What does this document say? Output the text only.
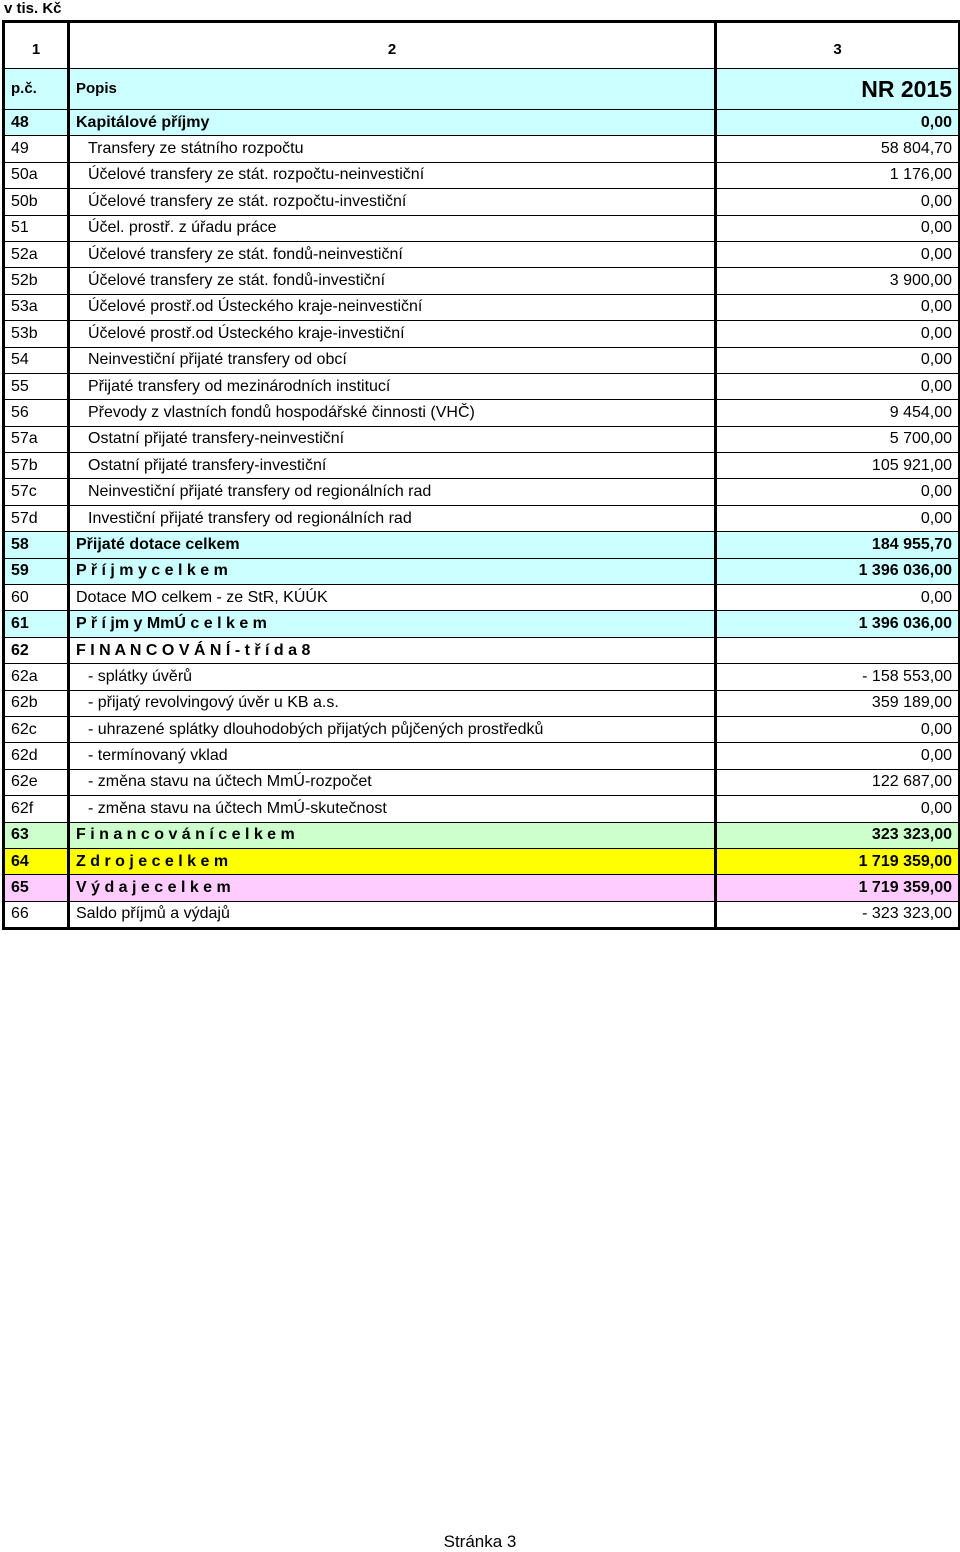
v tis. Kč
1	2	3
p.č.	Popis	NR 2015
48	Kapitálové příjmy	0,00
49	Transfery ze státního rozpočtu	58 804,70
50a	Účelové transfery ze stát. rozpočtu-neinvestiční	1 176,00
50b	Účelové transfery ze stát. rozpočtu-investiční	0,00
51	Účel. prostř. z úřadu práce	0,00
52a	Účelové transfery ze stát. fondů-neinvestiční	0,00
52b	Účelové transfery ze stát. fondů-investiční	3 900,00
53a	Účelové prostř.od Ústeckého kraje-neinvestiční	0,00
53b	Účelové prostř.od Ústeckého kraje-investiční	0,00
54	Neinvestiční přijaté transfery od obcí	0,00
55	Přijaté transfery od mezinárodních institucí	0,00
56	Převody z vlastních fondů hospodářské činnosti (VHČ)	9 454,00
57a	Ostatní přijaté transfery-neinvestiční	5 700,00
57b	Ostatní přijaté transfery-investiční	105 921,00
57c	Neinvestiční přijaté transfery od regionálních rad	0,00
57d	Investiční přijaté transfery od regionálních rad	0,00
58	Přijaté dotace celkem	184 955,70
59	P ř í j m y c e l k e m	1 396 036,00
60	Dotace MO celkem - ze StR, KÚÚK	0,00
61	P ř í jm y MmÚ c e l k e m	1 396 036,00
62	F I N A N C O V Á N Í - t ř í d a 8	
62a	- splátky úvěrů	- 158 553,00
62b	- přijatý revolvingový úvěr u KB a.s.	359 189,00
62c	- uhrazené splátky dlouhodobých přijatých půjčených prostředků	0,00
62d	- termínovaný vklad	0,00
62e	- změna stavu na účtech MmÚ-rozpočet	122 687,00
62f	- změna stavu na účtech MmÚ-skutečnost	0,00
63	F i n a n c o v á n í c e l k e m	323 323,00
64	Z d r o j e c e l k e m	1 719 359,00
65	V ý d a j e c e l k e m	1 719 359,00
66	Saldo příjmů a výdajů	- 323 323,00
Stránka 3
